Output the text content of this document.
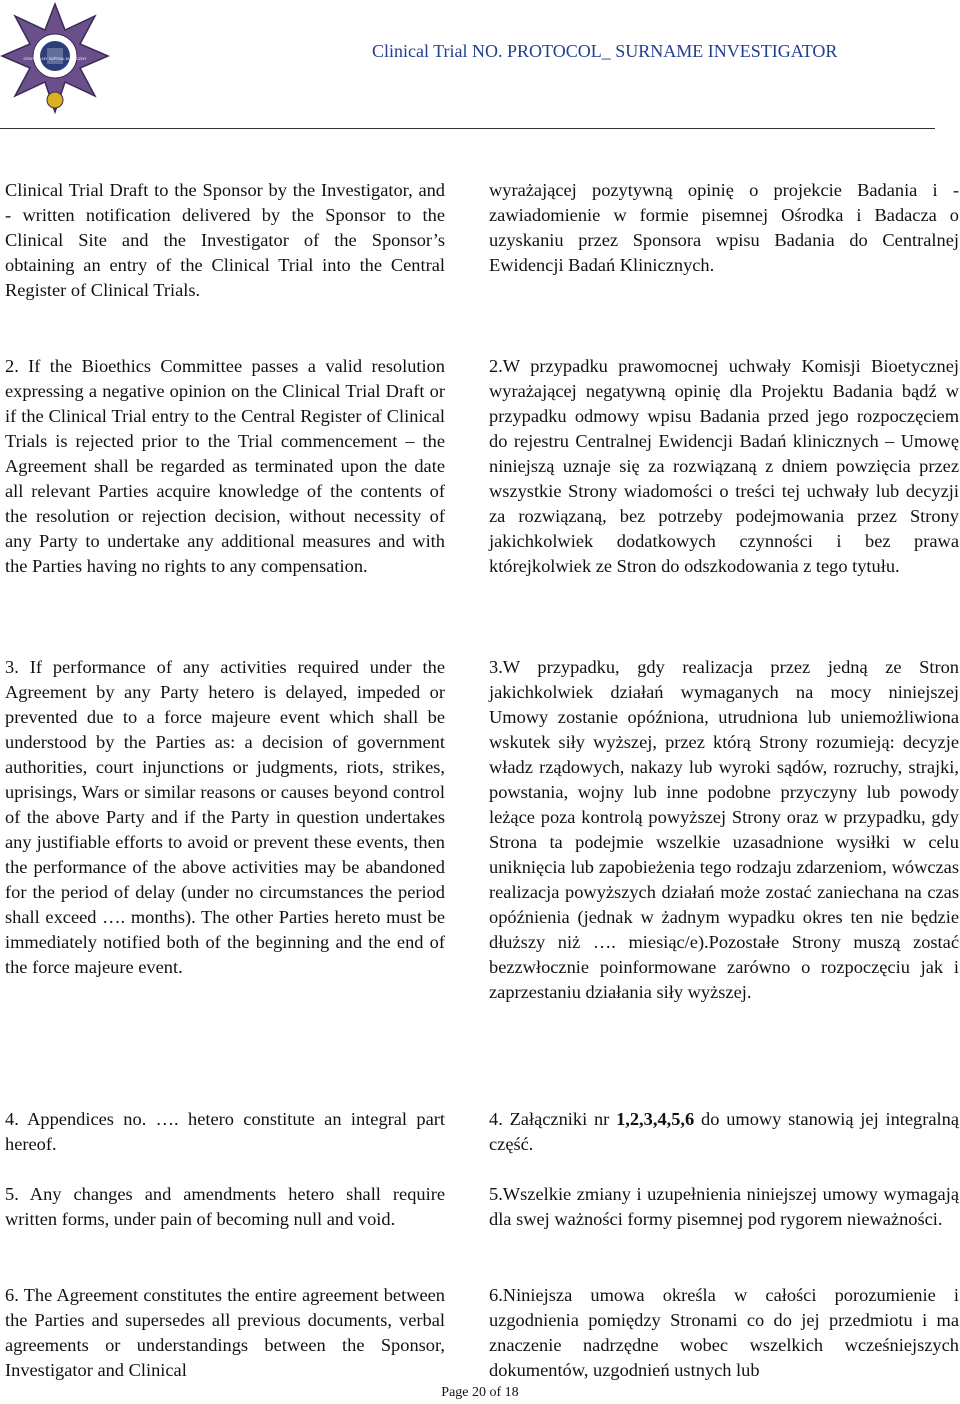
CENTRALNY SZPITAL KLINICZNY	Clinical Trial NO. PROTOCOL_ SURNAME INVESTIGATOR

Clinical Trial Draft to the Sponsor by the Investigator, and - written notification delivered by the Sponsor to the Clinical Site and the Investigator of the Sponsor’s obtaining an entry of the Clinical Trial into the Central Register of Clinical Trials.

2. If the Bioethics Committee passes a valid resolution expressing a negative opinion on the Clinical Trial Draft or if the Clinical Trial entry to the Central Register of Clinical Trials is rejected prior to the Trial commencement – the Agreement shall be regarded as terminated upon the date all relevant Parties acquire knowledge of the contents of the resolution or rejection decision, without necessity of any Party to undertake any additional measures and with the Parties having no rights to any compensation.

3. If performance of any activities required under the Agreement by any Party hetero is delayed, impeded or prevented due to a force majeure event which shall be understood by the Parties as: a decision of government authorities, court injunctions or judgments, riots, strikes, uprisings, Wars or similar reasons or causes beyond control of the above Party and if the Party in question undertakes any justifiable efforts to avoid or prevent these events, then the performance of the above activities may be abandoned for the period of delay (under no circumstances the period shall exceed …. months). The other Parties hereto must be immediately notified both of the beginning and the end of the force majeure event.

4. Appendices no. …. hetero constitute an integral part hereof.

5. Any changes and amendments hetero shall require written forms, under pain of becoming null and void.

6. The Agreement constitutes the entire agreement between the Parties and supersedes all previous documents, verbal agreements or understandings between the Sponsor, Investigator and Clinical

wyrażającej pozytywną opinię o projekcie Badania i - zawiadomienie w formie pisemnej Ośrodka i Badacza o uzyskaniu przez Sponsora wpisu Badania do Centralnej Ewidencji Badań Klinicznych.

2.W przypadku prawomocnej uchwały Komisji Bioetycznej wyrażającej negatywną opinię dla Projektu Badania bądź w przypadku odmowy wpisu Badania przed jego rozpoczęciem do rejestru Centralnej Ewidencji Badań klinicznych – Umowę niniejszą uznaje się za rozwiązaną z dniem powzięcia przez wszystkie Strony wiadomości o treści tej uchwały lub decyzji za rozwiązaną, bez potrzeby podejmowania przez Strony jakichkolwiek dodatkowych czynności i bez prawa którejkolwiek ze Stron do odszkodowania z tego tytułu.

3.W przypadku, gdy realizacja przez jedną ze Stron jakichkolwiek działań wymaganych na mocy niniejszej Umowy zostanie opóźniona, utrudniona lub uniemożliwiona wskutek siły wyższej, przez którą Strony rozumieją: decyzje władz rządowych, nakazy lub wyroki sądów, rozruchy, strajki, powstania, wojny lub inne podobne przyczyny lub powody leżące poza kontrolą powyższej Strony oraz w przypadku, gdy Strona ta podejmie wszelkie uzasadnione wysiłki w celu uniknięcia lub zapobieżenia tego rodzaju zdarzeniom, wówczas realizacja powyższych działań może zostać zaniechana na czas opóźnienia (jednak w żadnym wypadku okres ten nie będzie dłuższy niż …. miesiąc/e).Pozostałe Strony muszą zostać bezzwłocznie poinformowane zarówno o rozpoczęciu jak i zaprzestaniu działania siły wyższej.

4. Załączniki nr 1,2,3,4,5,6 do umowy stanowią jej integralną część.

5.Wszelkie zmiany i uzupełnienia niniejszej umowy wymagają dla swej ważności formy pisemnej pod rygorem nieważności.

6.Niniejsza umowa określa w całości porozumienie i uzgodnienia pomiędzy Stronami co do jej przedmiotu i ma znaczenie nadrzędne wobec wszelkich wcześniejszych dokumentów, uzgodnień ustnych lub

Page 20 of 18
